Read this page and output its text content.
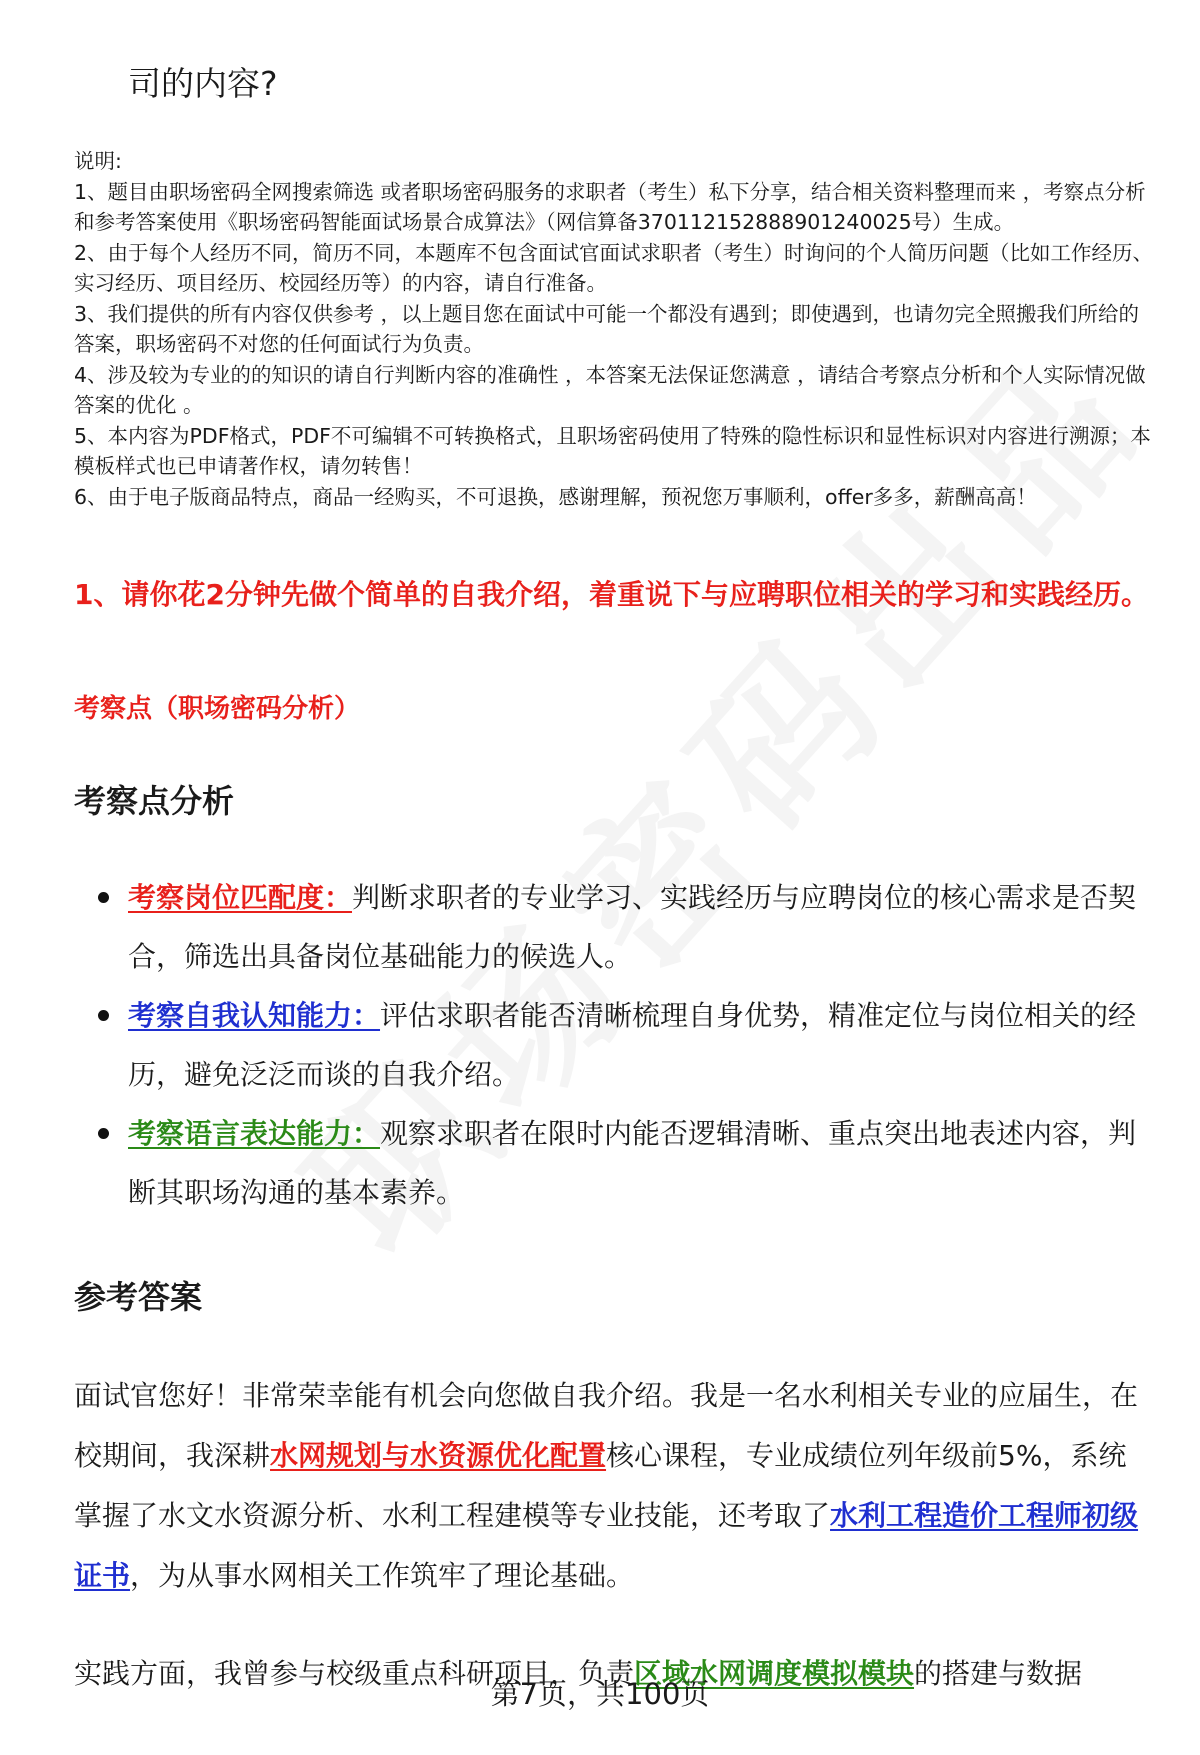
司的内容?

说明:

1、题目由职场密码全网搜索筛选 或者职场密码服务的求职者（考生）私下分享，结合相关资料整理而来 ，考察点分析和参考答案使用《职场密码智能面试场景合成算法》（网信算备370112152888901240025号）生成。

2、由于每个人经历不同，简历不同，本题库不包含面试官面试求职者（考生）时询问的个人简历问题（比如工作经历、实习经历、项目经历、校园经历等）的内容，请自行准备。

3、我们提供的所有内容仅供参考 ，以上题目您在面试中可能一个都没有遇到；即使遇到，也请勿完全照搬我们所给的答案，职场密码不对您的任何面试行为负责。

4、涉及较为专业的的知识的请自行判断内容的准确性 ，本答案无法保证您满意 ，请结合考察点分析和个人实际情况做答案的优化 。

5、本内容为PDF格式，PDF不可编辑不可转换格式，且职场密码使用了特殊的隐性标识和显性标识对内容进行溯源；本模板样式也已申请著作权，请勿转售！

6、由于电子版商品特点，商品一经购买，不可退换，感谢理解，预祝您万事顺利，offer多多，薪酬高高！

1、请你花2分钟先做个简单的自我介绍，着重说下与应聘职位相关的学习和实践经历。
考察点（职场密码分析）
考察点分析
考察岗位匹配度：判断求职者的专业学习、实践经历与应聘岗位的核心需求是否契合，筛选出具备岗位基础能力的候选人。
考察自我认知能力：评估求职者能否清晰梳理自身优势，精准定位与岗位相关的经历，避免泛泛而谈的自我介绍。
考察语言表达能力：观察求职者在限时内能否逻辑清晰、重点突出地表述内容，判断其职场沟通的基本素养。
参考答案

面试官您好！非常荣幸能有机会向您做自我介绍。我是一名水利相关专业的应届生，在校期间，我深耕水网规划与水资源优化配置核心课程，专业成绩位列年级前5%，系统掌握了水文水资源分析、水利工程建模等专业技能，还考取了水利工程造价工程师初级证书，为从事水网相关工作筑牢了理论基础。

实践方面，我曾参与校级重点科研项目，负责区域水网调度模拟模块的搭建与数据

第7页，共100页
